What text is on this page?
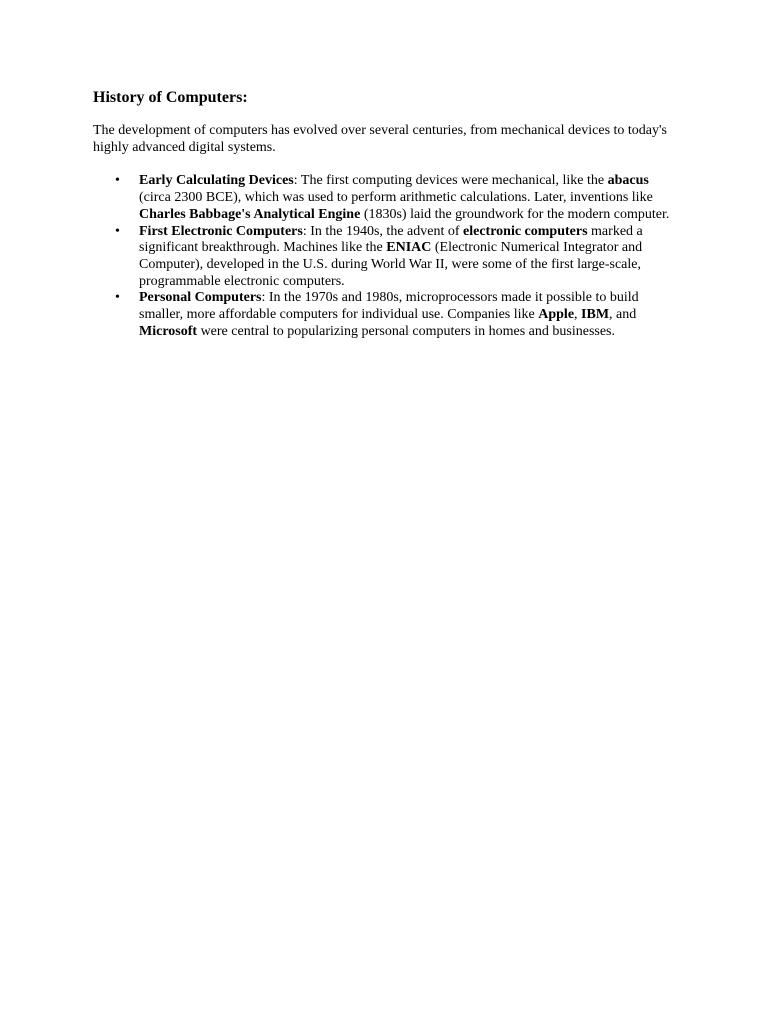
History of Computers:

The development of computers has evolved over several centuries, from mechanical devices to today's highly advanced digital systems.

• Early Calculating Devices: The first computing devices were mechanical, like the abacus (circa 2300 BCE), which was used to perform arithmetic calculations. Later, inventions like Charles Babbage's Analytical Engine (1830s) laid the groundwork for the modern computer.
• First Electronic Computers: In the 1940s, the advent of electronic computers marked a significant breakthrough. Machines like the ENIAC (Electronic Numerical Integrator and Computer), developed in the U.S. during World War II, were some of the first large-scale, programmable electronic computers.
• Personal Computers: In the 1970s and 1980s, microprocessors made it possible to build smaller, more affordable computers for individual use. Companies like Apple, IBM, and Microsoft were central to popularizing personal computers in homes and businesses.
